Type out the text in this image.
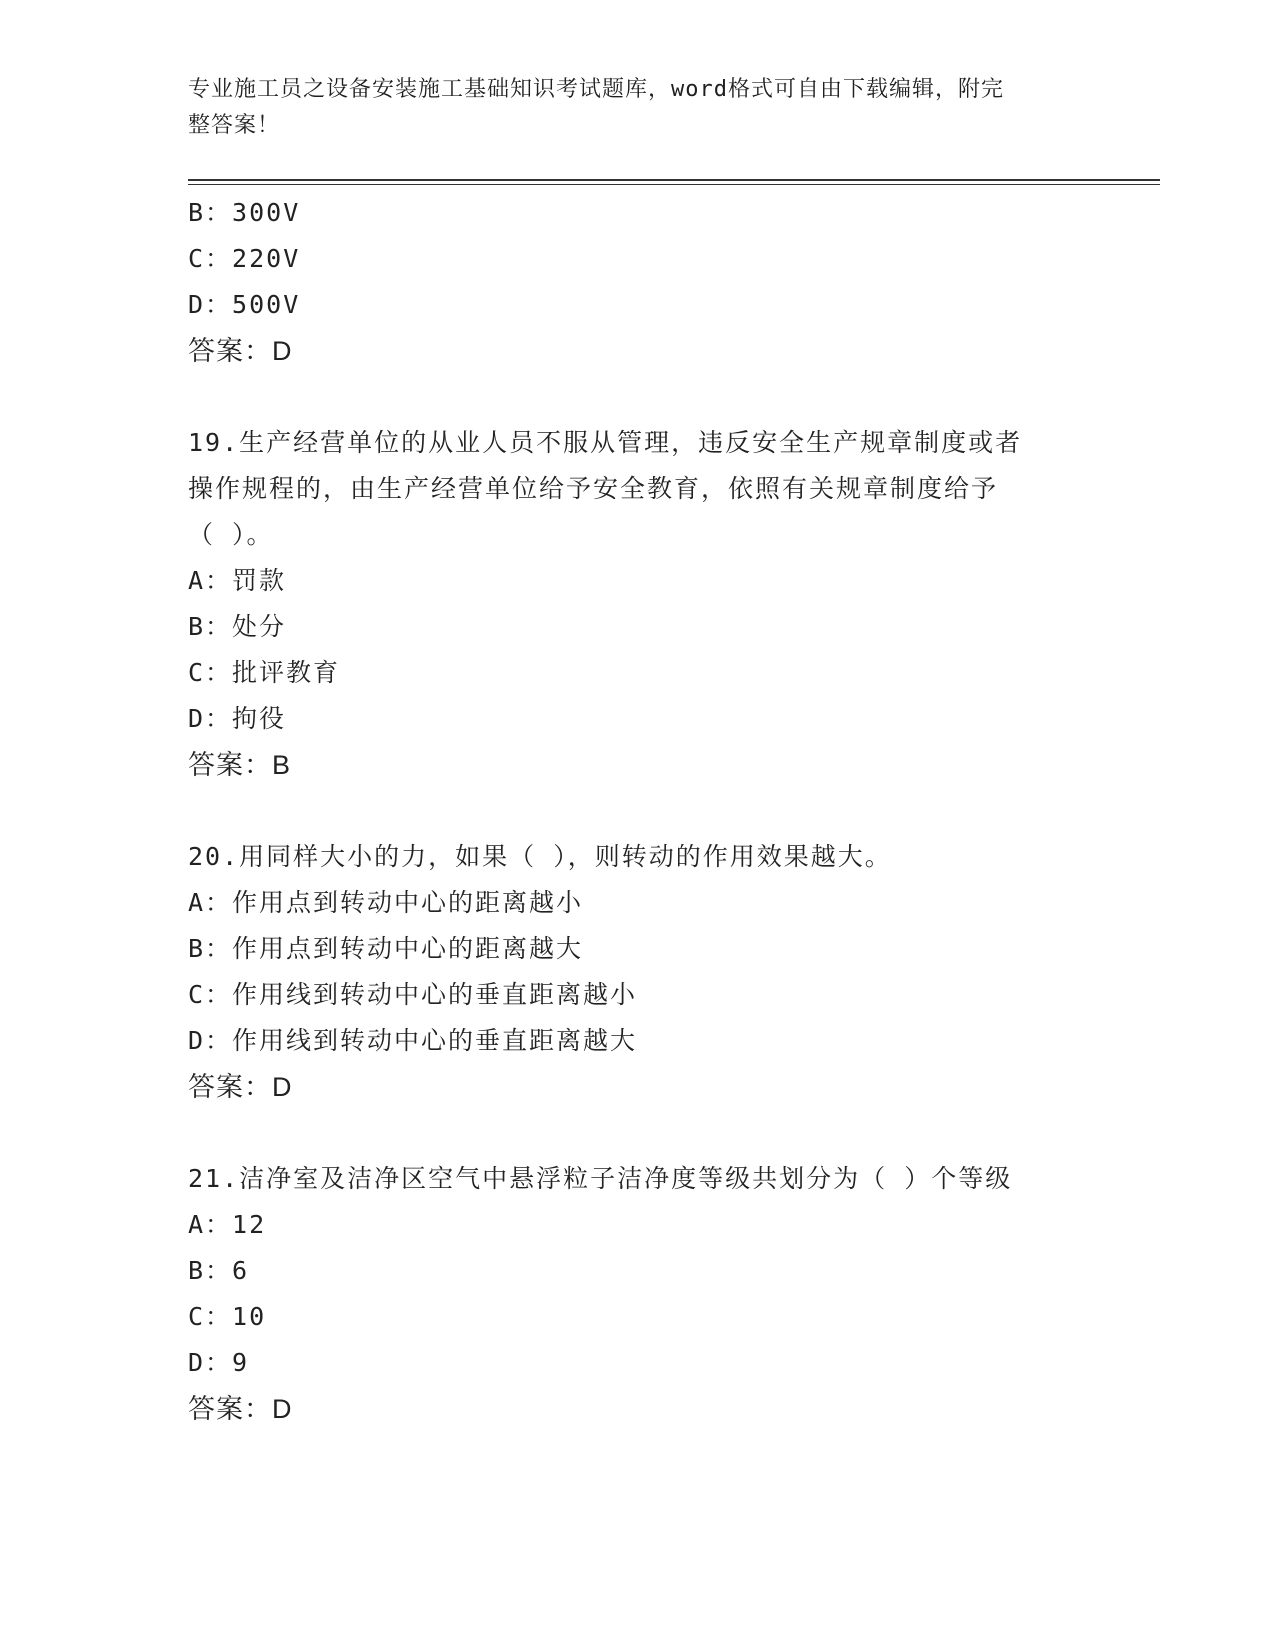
专业施工员之设备安装施工基础知识考试题库，word格式可自由下载编辑，附完
整答案！
B：300V
C：220V
D：500V
答案：D
19.生产经营单位的从业人员不服从管理，违反安全生产规章制度或者
操作规程的，由生产经营单位给予安全教育，依照有关规章制度给予
（ ）。
A：罚款
B：处分
C：批评教育
D：拘役
答案：B
20.用同样大小的力，如果（ ），则转动的作用效果越大。
A：作用点到转动中心的距离越小
B：作用点到转动中心的距离越大
C：作用线到转动中心的垂直距离越小
D：作用线到转动中心的垂直距离越大
答案：D
21.洁净室及洁净区空气中悬浮粒子洁净度等级共划分为（ ）个等级
A：12
B：6
C：10
D：9
答案：D
